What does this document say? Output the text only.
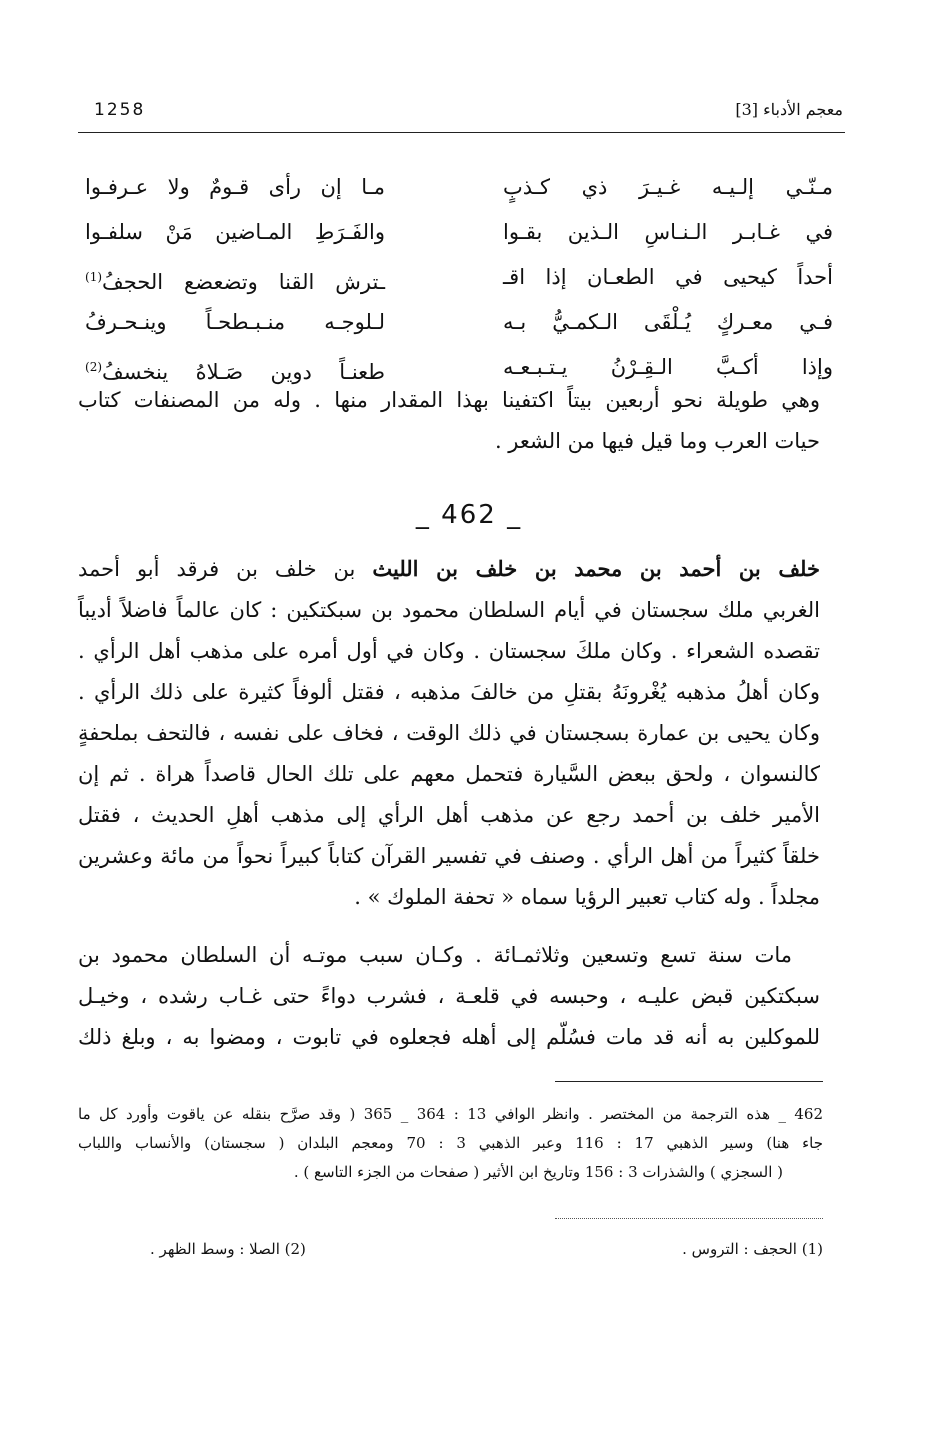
1258	معجم الأدباء [3]
مـنّـي إلـيـه غـيـرَ ذي كـذبٍ
مـا إن رأى قـومٌ ولا عـرفـوا
في غـابـر الـنـاسِ الـذين بقـوا
والفَـرَطِ المـاضين مَنْ سلفـوا
أحداً كيحيى في الطعـان إذا اقـ
ـترش القنا وتضعضع الحجفُ$^{(1)}$
فـي معـركٍ يُـلْقَى الـكمـيُّ بـه
لـلوجـه منـبـطحـاً وينـحـرفُ
وإذا أكـبَّ الـقِـرْنُ يـتـبـعـه
طعنـاً دوين صَـلاهُ ينخسفُ$^{(2)}$
وهي طويلة نحو أربعين بيتاً اكتفينا بهذا المقدار منها . وله من المصنفات كتاب
حيات العرب وما قيل فيها من الشعر .
_ 462 _

خلف بن أحمد بن محمد بن خلف بن الليث بن خلف بن فرقد أبو أحمد

الغربي ملك سجستان في أيام السلطان محمود بن سبكتكين : كان عالماً فاضلاً أديباً

تقصده الشعراء . وكان ملكَ سجستان . وكان في أول أمره على مذهب أهل الرأي .

وكان أهلُ مذهبه يُغْرونَهُ بقتلِ من خالفَ مذهبه ، فقتل ألوفاً كثيرة على ذلك الرأي .

وكان يحيى بن عمارة بسجستان في ذلك الوقت ، فخاف على نفسه ، فالتحف بملحفةٍ

كالنسوان ، ولحق ببعض السَّيارة فتحمل معهم على تلك الحال قاصداً هراة . ثم إن

الأمير خلف بن أحمد رجع عن مذهب أهل الرأي إلى مذهب أهلِ الحديث ، فقتل

خلقاً كثيراً من أهل الرأي . وصنف في تفسير القرآن كتاباً كبيراً نحواً من مائة وعشرين

مجلداً . وله كتاب تعبير الرؤيا سماه « تحفة الملوك » .

مات سنة تسع وتسعين وثلاثمـائة . وكـان سبب موتـه أن السلطان محمود بن

سبكتكين قبض عليـه ، وحبسه في قلعـة ، فشرب دواءً حتى غـاب رشده ، وخيـل

للموكلين به أنه قد مات فسُلّم إلى أهله فجعلوه في تابوت ، ومضوا به ، وبلغ ذلك

462 _ هذه الترجمة من المختصر . وانظر الوافي 13 : 364 _ 365 ( وقد صرَّح بنقله عن ياقوت وأورد كل ما

جاء هنا) وسير الذهبي 17 : 116 وعبر الذهبي 3 : 70 ومعجم البلدان ( سجستان) والأنساب واللباب

( السجزي ) والشذرات 3 : 156 وتاريخ ابن الأثير ( صفحات من الجزء التاسع ) .

(1) الحجف : التروس .
(2) الصلا : وسط الظهر .
